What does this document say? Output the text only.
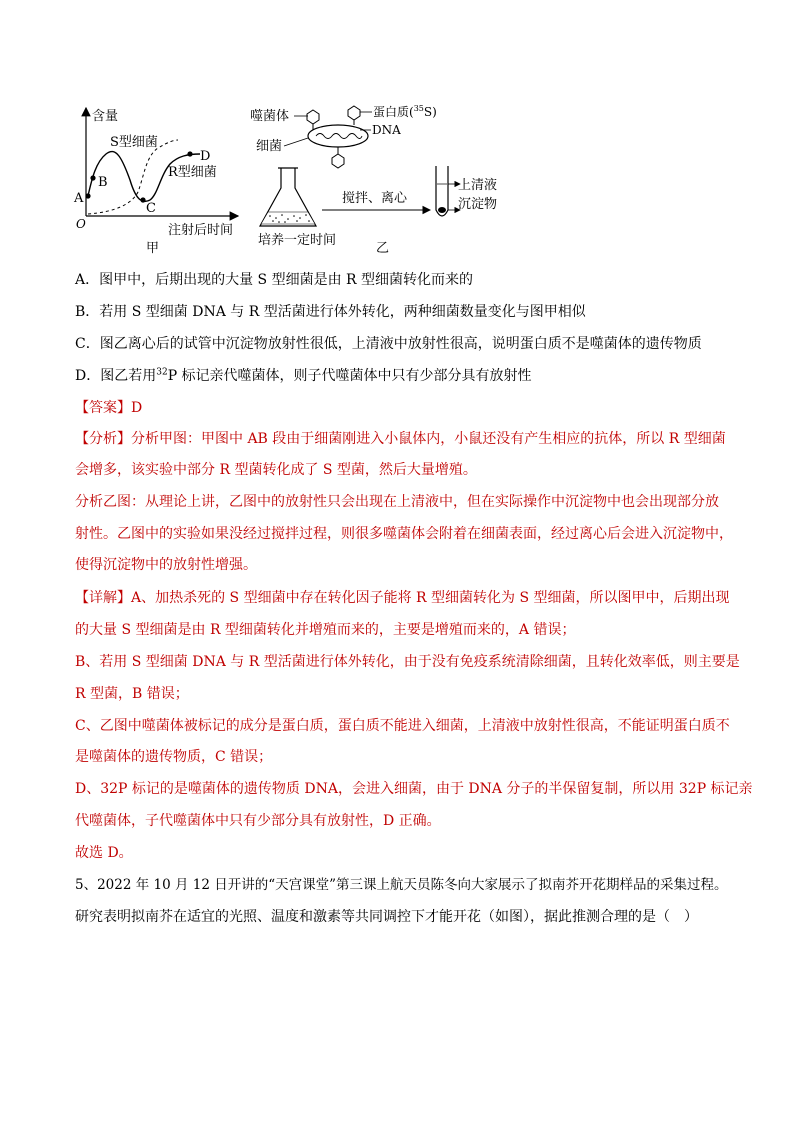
含量
O	注射后时间
甲
S型细菌
R型细菌
A
B
C
D
噬菌体	蛋白质($^{35}$S)
DNA
细菌
培养一定时间
搅拌、离心
上清液
沉淀物
乙
A．图甲中，后期出现的大量 S 型细菌是由 R 型细菌转化而来的
B．若用 S 型细菌 DNA 与 R 型活菌进行体外转化，两种细菌数量变化与图甲相似
C．图乙离心后的试管中沉淀物放射性很低，上清液中放射性很高，说明蛋白质不是噬菌体的遗传物质
D．图乙若用$^{32}$P 标记亲代噬菌体，则子代噬菌体中只有少部分具有放射性
【答案】D
【分析】分析甲图：甲图中 AB 段由于细菌刚进入小鼠体内，小鼠还没有产生相应的抗体，所以 R 型细菌
会增多，该实验中部分 R 型菌转化成了 S 型菌，然后大量增殖。
分析乙图：从理论上讲，乙图中的放射性只会出现在上清液中，但在实际操作中沉淀物中也会出现部分放
射性。乙图中的实验如果没经过搅拌过程，则很多噬菌体会附着在细菌表面，经过离心后会进入沉淀物中，
使得沉淀物中的放射性增强。
【详解】A、加热杀死的 S 型细菌中存在转化因子能将 R 型细菌转化为 S 型细菌，所以图甲中，后期出现
的大量 S 型细菌是由 R 型细菌转化并增殖而来的，主要是增殖而来的，A 错误；
B、若用 S 型细菌 DNA 与 R 型活菌进行体外转化，由于没有免疫系统清除细菌，且转化效率低，则主要是
R 型菌，B 错误；
C、乙图中噬菌体被标记的成分是蛋白质，蛋白质不能进入细菌，上清液中放射性很高，不能证明蛋白质不
是噬菌体的遗传物质，C 错误；
D、32P 标记的是噬菌体的遗传物质 DNA，会进入细菌，由于 DNA 分子的半保留复制，所以用 32P 标记亲
代噬菌体，子代噬菌体中只有少部分具有放射性，D 正确。
故选 D。
5、2022 年 10 月 12 日开讲的“天宫课堂”第三课上航天员陈冬向大家展示了拟南芥开花期样品的采集过程。
研究表明拟南芥在适宜的光照、温度和激素等共同调控下才能开花（如图），据此推测合理的是（　）
